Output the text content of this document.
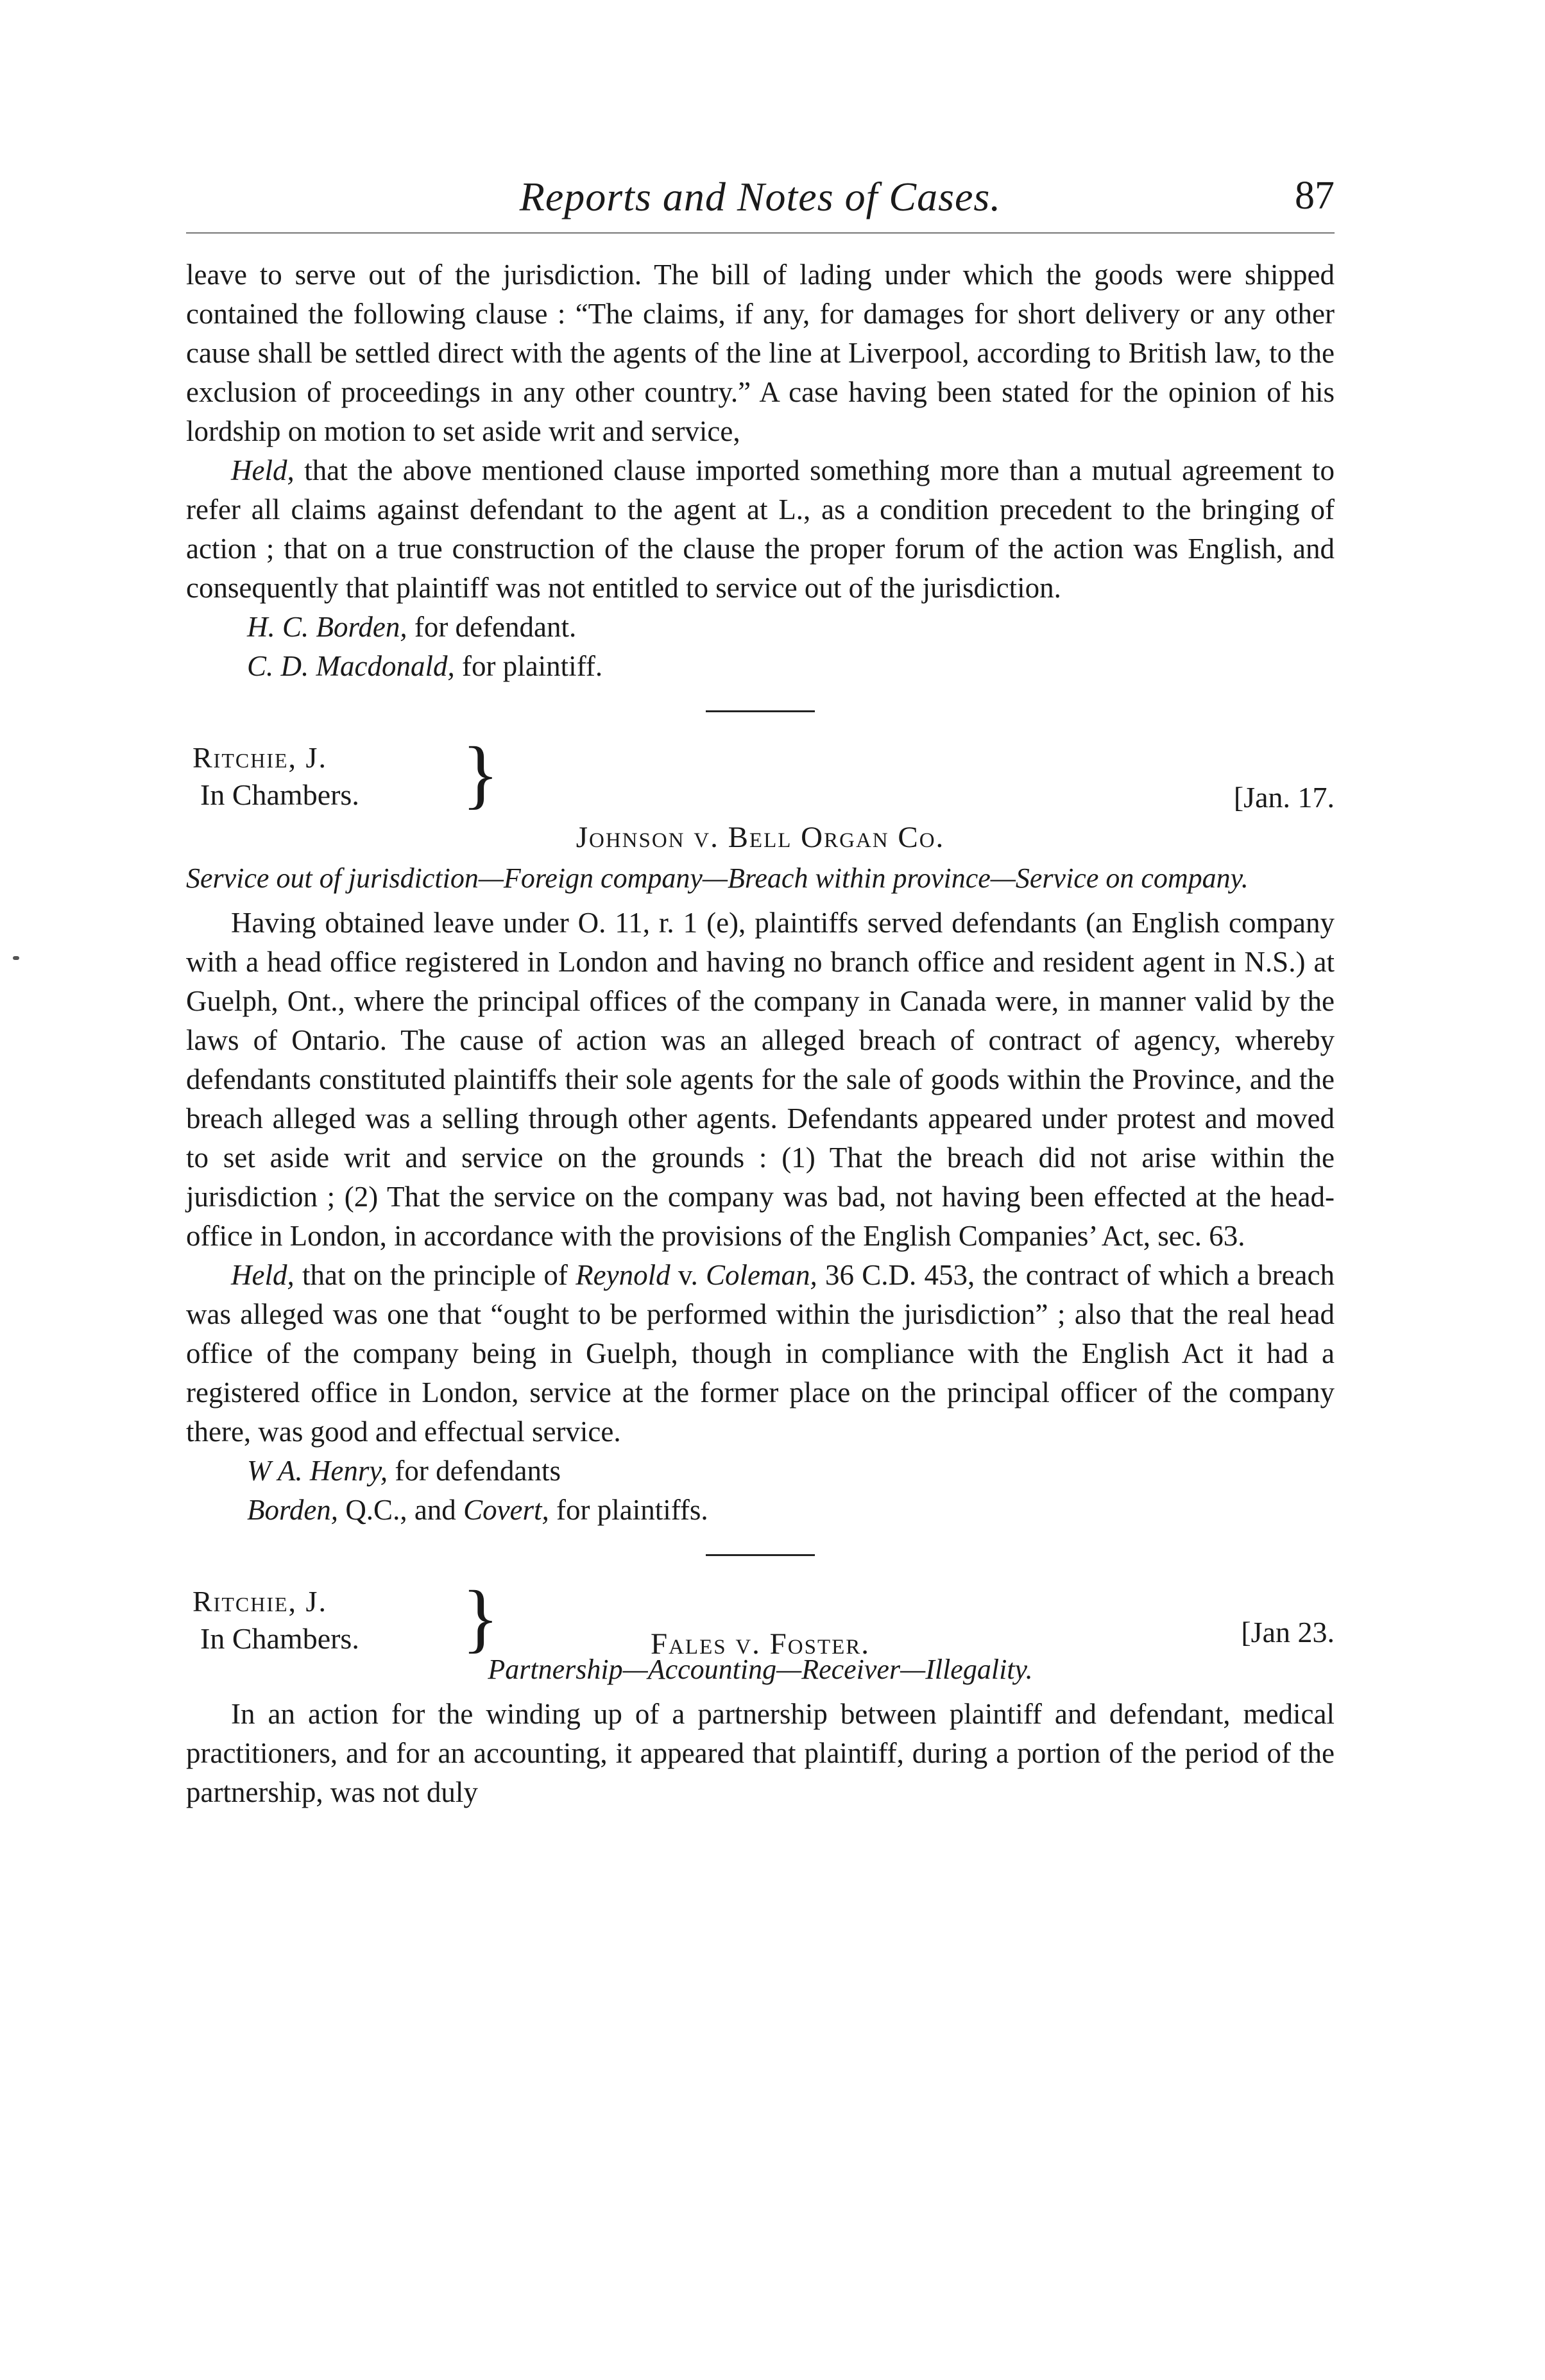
Reports and Notes of Cases.	87

leave to serve out of the jurisdiction. The bill of lading under which the goods were shipped contained the following clause : “The claims, if any, for damages for short delivery or any other cause shall be settled direct with the agents of the line at Liverpool, according to British law, to the exclusion of proceedings in any other country.” A case having been stated for the opinion of his lordship on motion to set aside writ and service,

Held, that the above mentioned clause imported something more than a mutual agreement to refer all claims against defendant to the agent at L., as a condition precedent to the bringing of action ; that on a true construction of the clause the proper forum of the action was English, and consequently that plaintiff was not entitled to service out of the jurisdiction.

H. C. Borden, for defendant.
C. D. Macdonald, for plaintiff.
Ritchie, J.
In Chambers. }	[Jan. 17.
Johnson v. Bell Organ Co.
Service out of jurisdiction—Foreign company—Breach within province—Service on company.

Having obtained leave under O. 11, r. 1 (e), plaintiffs served defendants (an English company with a head office registered in London and having no branch office and resident agent in N.S.) at Guelph, Ont., where the principal offices of the company in Canada were, in manner valid by the laws of Ontario. The cause of action was an alleged breach of contract of agency, whereby defendants constituted plaintiffs their sole agents for the sale of goods within the Province, and the breach alleged was a selling through other agents. Defendants appeared under protest and moved to set aside writ and service on the grounds : (1) That the breach did not arise within the jurisdiction ; (2) That the service on the company was bad, not having been effected at the head-office in London, in accordance with the provisions of the English Companies’ Act, sec. 63.

Held, that on the principle of Reynold v. Coleman, 36 C.D. 453, the contract of which a breach was alleged was one that “ought to be performed within the jurisdiction” ; also that the real head office of the company being in Guelph, though in compliance with the English Act it had a registered office in London, service at the former place on the principal officer of the company there, was good and effectual service.

W A. Henry, for defendants
Borden, Q.C., and Covert, for plaintiffs.
Ritchie, J.
In Chambers. }	[Jan 23.
Fales v. Foster.
Partnership—Accounting—Receiver—Illegality.

In an action for the winding up of a partnership between plaintiff and defendant, medical practitioners, and for an accounting, it appeared that plaintiff, during a portion of the period of the partnership, was not duly
